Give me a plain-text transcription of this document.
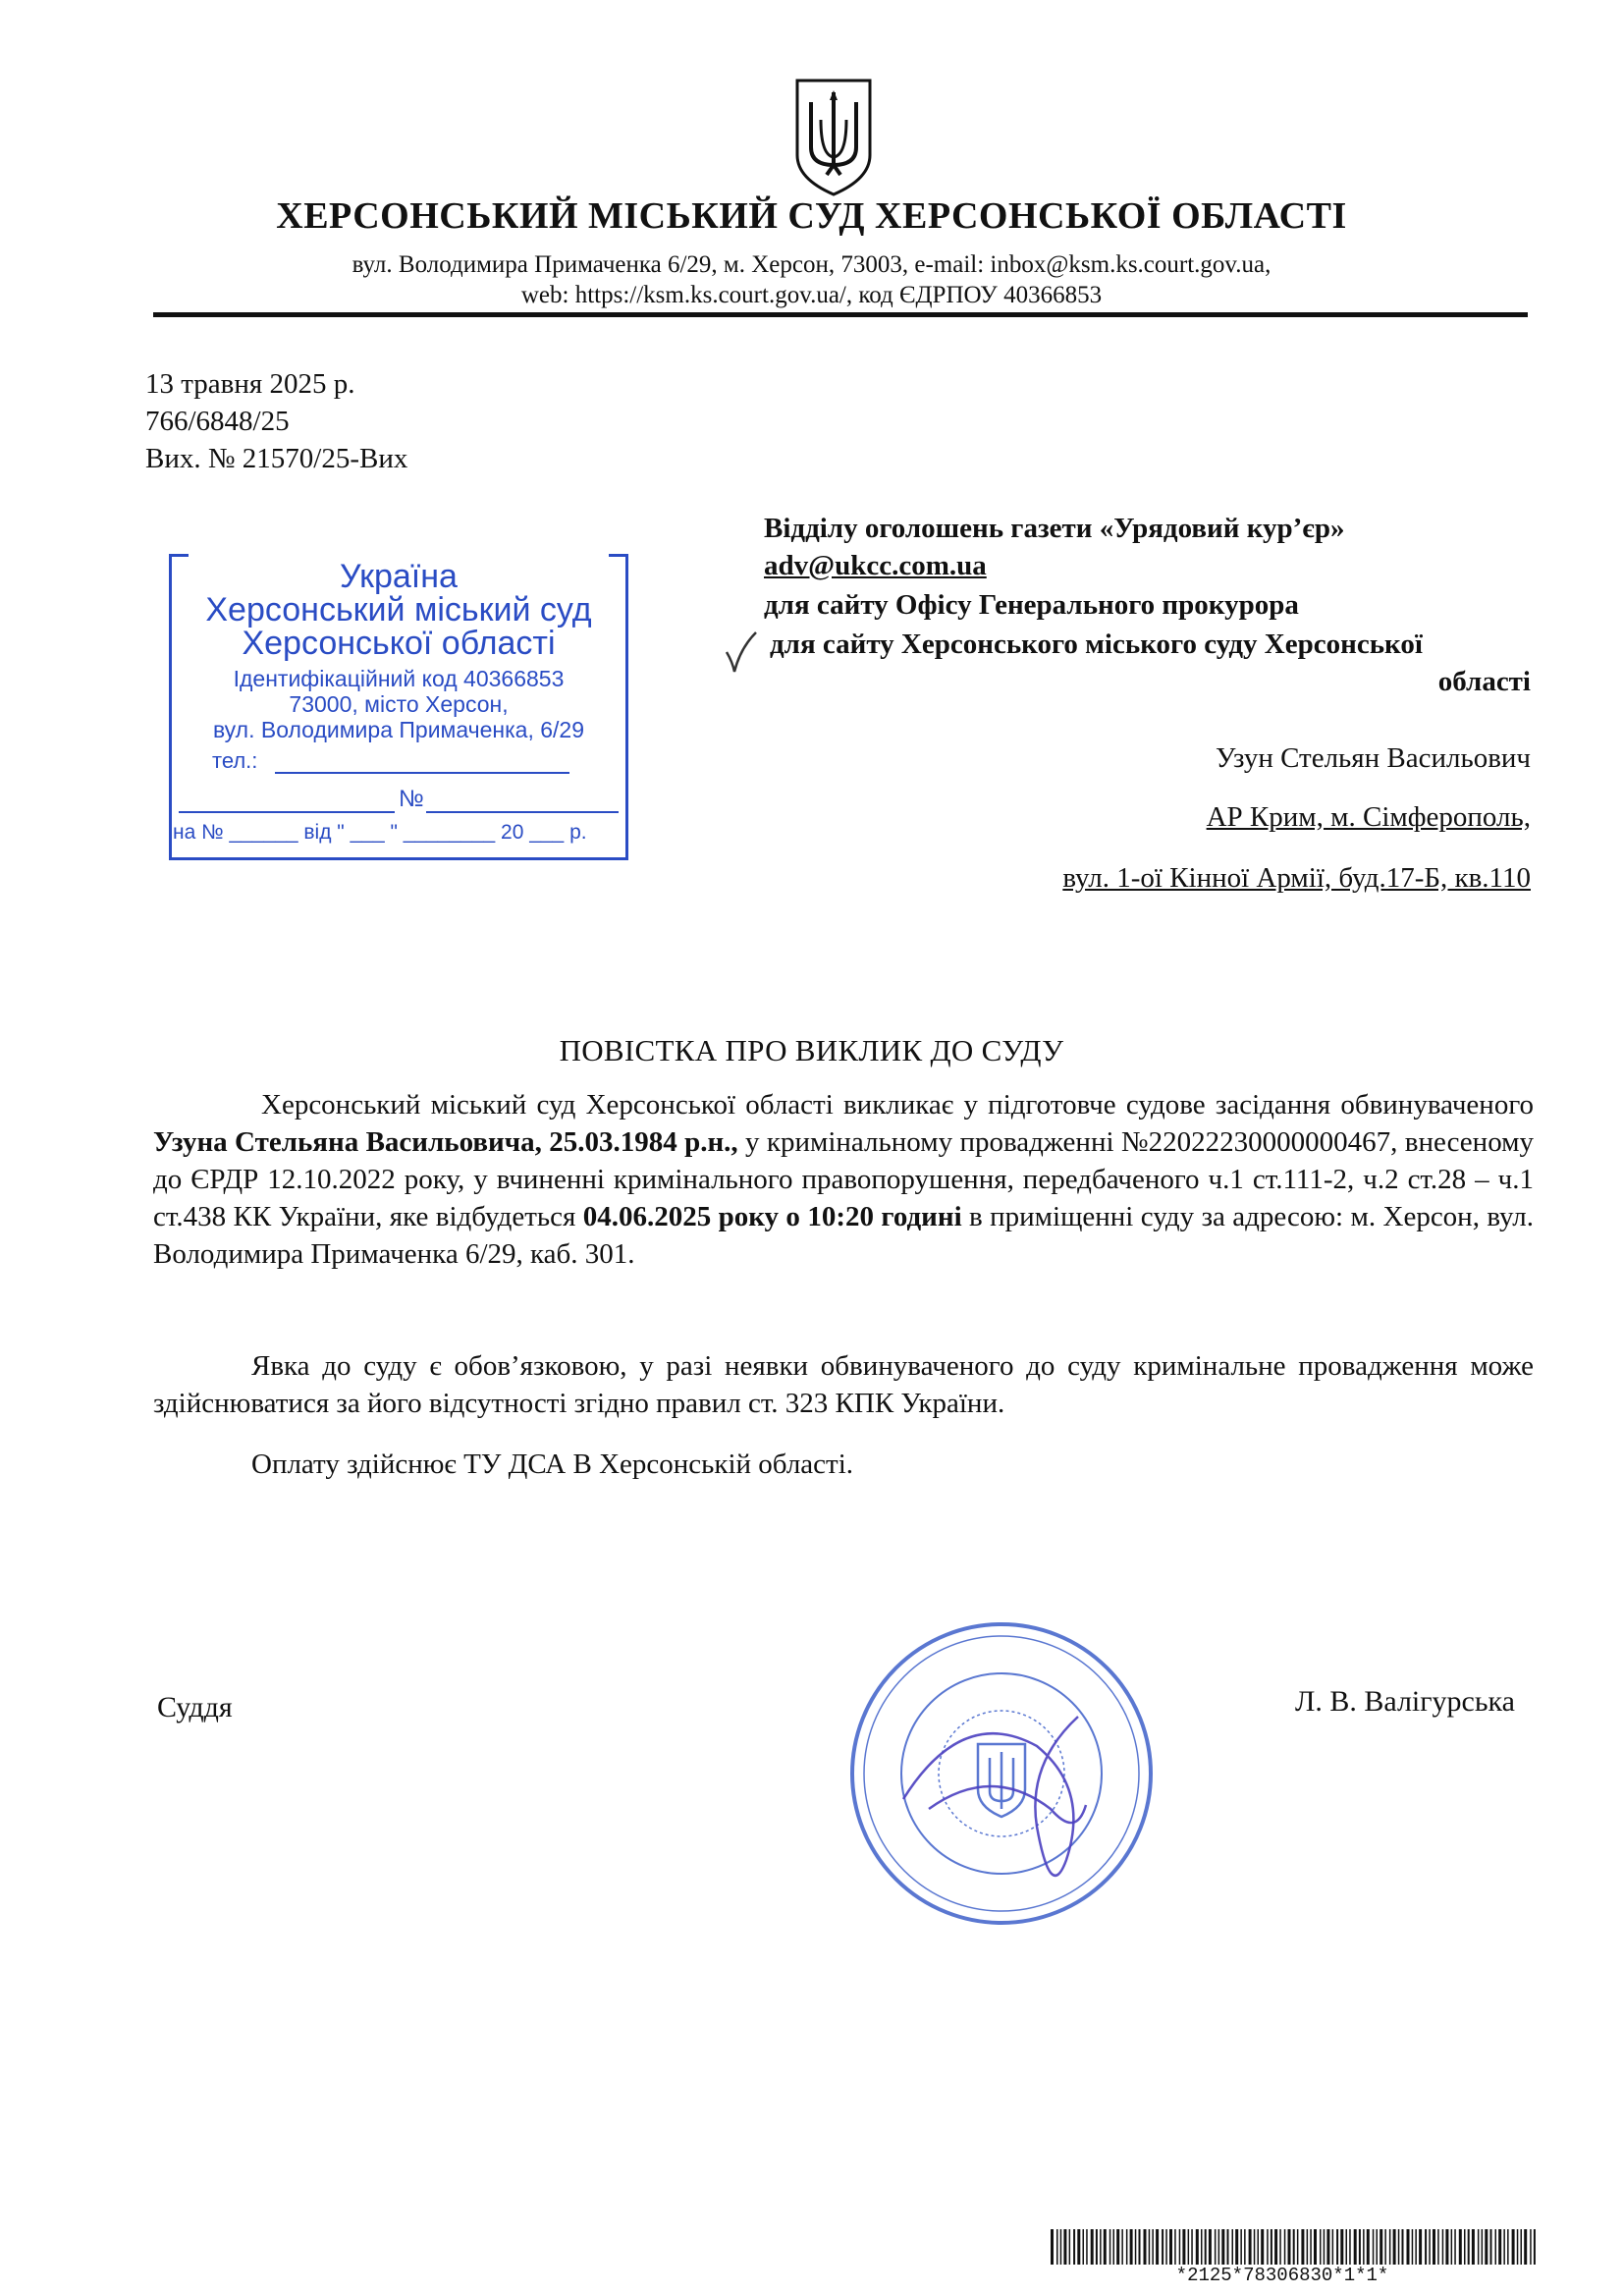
ХЕРСОНСЬКИЙ МІСЬКИЙ СУД ХЕРСОНСЬКОЇ ОБЛАСТІ
вул. Володимира Примаченка 6/29, м. Херсон, 73003, e-mail: inbox@ksm.ks.court.gov.ua,
web: https://ksm.ks.court.gov.ua/, код ЄДРПОУ 40366853
13 травня 2025 р.
766/6848/25
Вих. № 21570/25-Вих
Україна
Херсонський міський суд
Херсонської області
Ідентифікаційний код 40366853
73000, місто Херсон,
вул. Володимира Примаченка, 6/29
тел.:
№
на № ______ від " ___ " ________ 20 ___ р.
Відділу оголошень газети «Урядовий кур’єр»
adv@ukcc.com.ua
для сайту Офісу Генерального прокурора
для сайту Херсонського міського суду Херсонської
області
Узун Стельян Васильович
АР Крим, м. Сімферополь,
вул. 1-ої Кінної Армії, буд.17-Б, кв.110
ПОВІСТКА ПРО ВИКЛИК ДО СУДУ
Херсонський міський суд Херсонської області викликає у підготовче судове засідання обвинуваченого Узуна Стельяна Васильовича, 25.03.1984 р.н., у кримінальному провадженні №22022230000000467, внесеному до ЄРДР 12.10.2022 року, у вчиненні кримінального правопорушення, передбаченого ч.1 ст.111-2, ч.2 ст.28 – ч.1 ст.438 КК України, яке відбудеться 04.06.2025 року о 10:20 годині в приміщенні суду за адресою: м. Херсон, вул. Володимира Примаченка 6/29, каб. 301.
Явка до суду є обов’язковою, у разі неявки обвинуваченого до суду кримінальне провадження може здійснюватися за його відсутності згідно правил ст. 323 КПК України.
Оплату здійснює ТУ ДСА В Херсонській області.
Суддя	Л. В. Валігурська
*2125*78306830*1*1*
